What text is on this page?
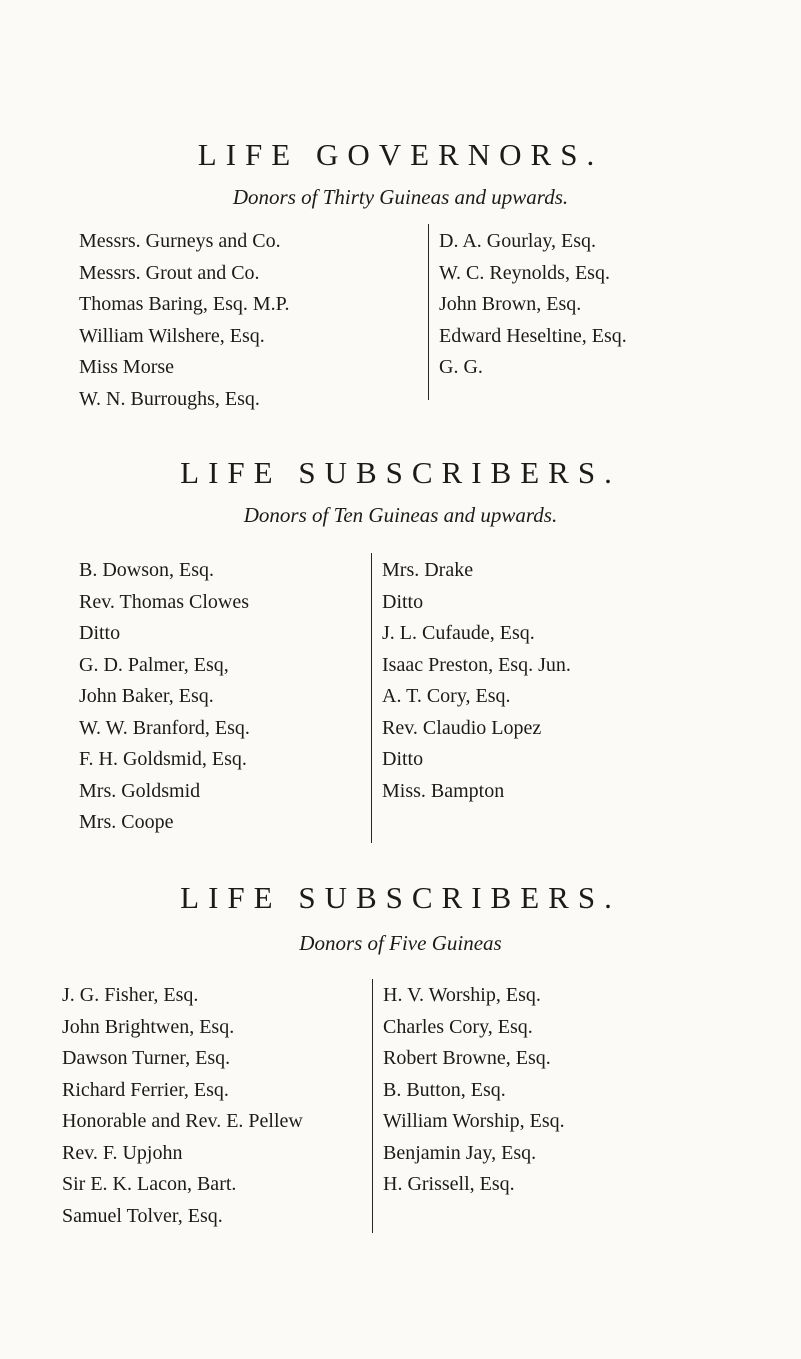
LIFE GOVERNORS.
Donors of Thirty Guineas and upwards.
Messrs. Gurneys and Co.
Messrs. Grout and Co.
Thomas Baring, Esq. M.P.
William Wilshere, Esq.
Miss Morse
W. N. Burroughs, Esq.
D. A. Gourlay, Esq.
W. C. Reynolds, Esq.
John Brown, Esq.
Edward Heseltine, Esq.
G. G.
LIFE SUBSCRIBERS.
Donors of Ten Guineas and upwards.
B. Dowson, Esq.
Rev. Thomas Clowes
Ditto
G. D. Palmer, Esq,
John Baker, Esq.
W. W. Branford, Esq.
F. H. Goldsmid, Esq.
Mrs. Goldsmid
Mrs. Coope
Mrs. Drake
Ditto
J. L. Cufaude, Esq.
Isaac Preston, Esq. Jun.
A. T. Cory, Esq.
Rev. Claudio Lopez
Ditto
Miss. Bampton
LIFE SUBSCRIBERS.
Donors of Five Guineas
J. G. Fisher, Esq.
John Brightwen, Esq.
Dawson Turner, Esq.
Richard Ferrier, Esq.
Honorable and Rev. E. Pellew
Rev. F. Upjohn
Sir E. K. Lacon, Bart.
Samuel Tolver, Esq.
H. V. Worship, Esq.
Charles Cory, Esq.
Robert Browne, Esq.
B. Button, Esq.
William Worship, Esq.
Benjamin Jay, Esq.
H. Grissell, Esq.
